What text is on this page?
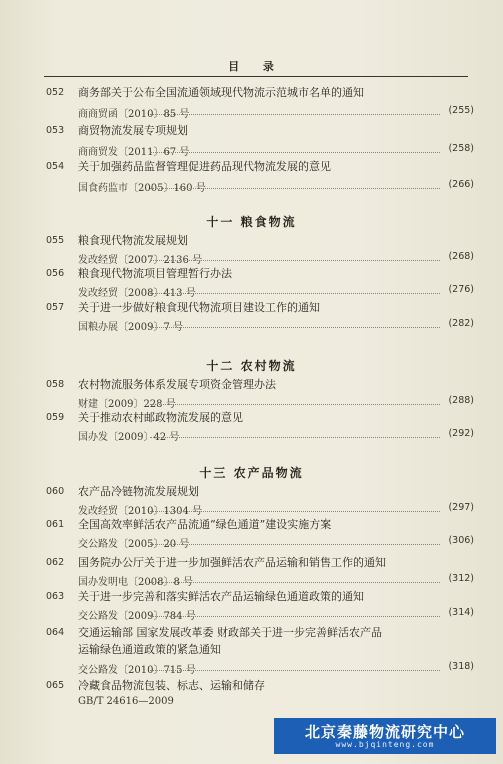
目 录
052	商务部关于公布全国流通领域现代物流示范城市名单的通知
商商贸函〔2010〕85 号	(255)
053	商贸物流发展专项规划
商商贸发〔2011〕67 号	(258)
054	关于加强药品监督管理促进药品现代物流发展的意见
国食药监市〔2005〕160 号	(266)
十一 粮食物流
055	粮食现代物流发展规划
发改经贸〔2007〕2136 号	(268)
056	粮食现代物流项目管理暂行办法
发改经贸〔2008〕413 号	(276)
057	关于进一步做好粮食现代物流项目建设工作的通知
国粮办展〔2009〕7 号	(282)
十二 农村物流
058	农村物流服务体系发展专项资金管理办法
财建〔2009〕228 号	(288)
059	关于推动农村邮政物流发展的意见
国办发〔2009〕42 号	(292)
十三 农产品物流
060	农产品冷链物流发展规划
发改经贸〔2010〕1304 号	(297)
061	全国高效率鲜活农产品流通“绿色通道”建设实施方案
交公路发〔2005〕20 号	(306)
062	国务院办公厅关于进一步加强鲜活农产品运输和销售工作的通知
国办发明电〔2008〕8 号	(312)
063	关于进一步完善和落实鲜活农产品运输绿色通道政策的通知
交公路发〔2009〕784 号	(314)
064	交通运输部 国家发展改革委 财政部关于进一步完善鲜活农产品
运输绿色通道政策的紧急通知
交公路发〔2010〕715 号	(318)
065	冷藏食品物流包装、标志、运输和储存
GB/T 24616—2009
北京秦藤物流研究中心
www.bjqinteng.com
